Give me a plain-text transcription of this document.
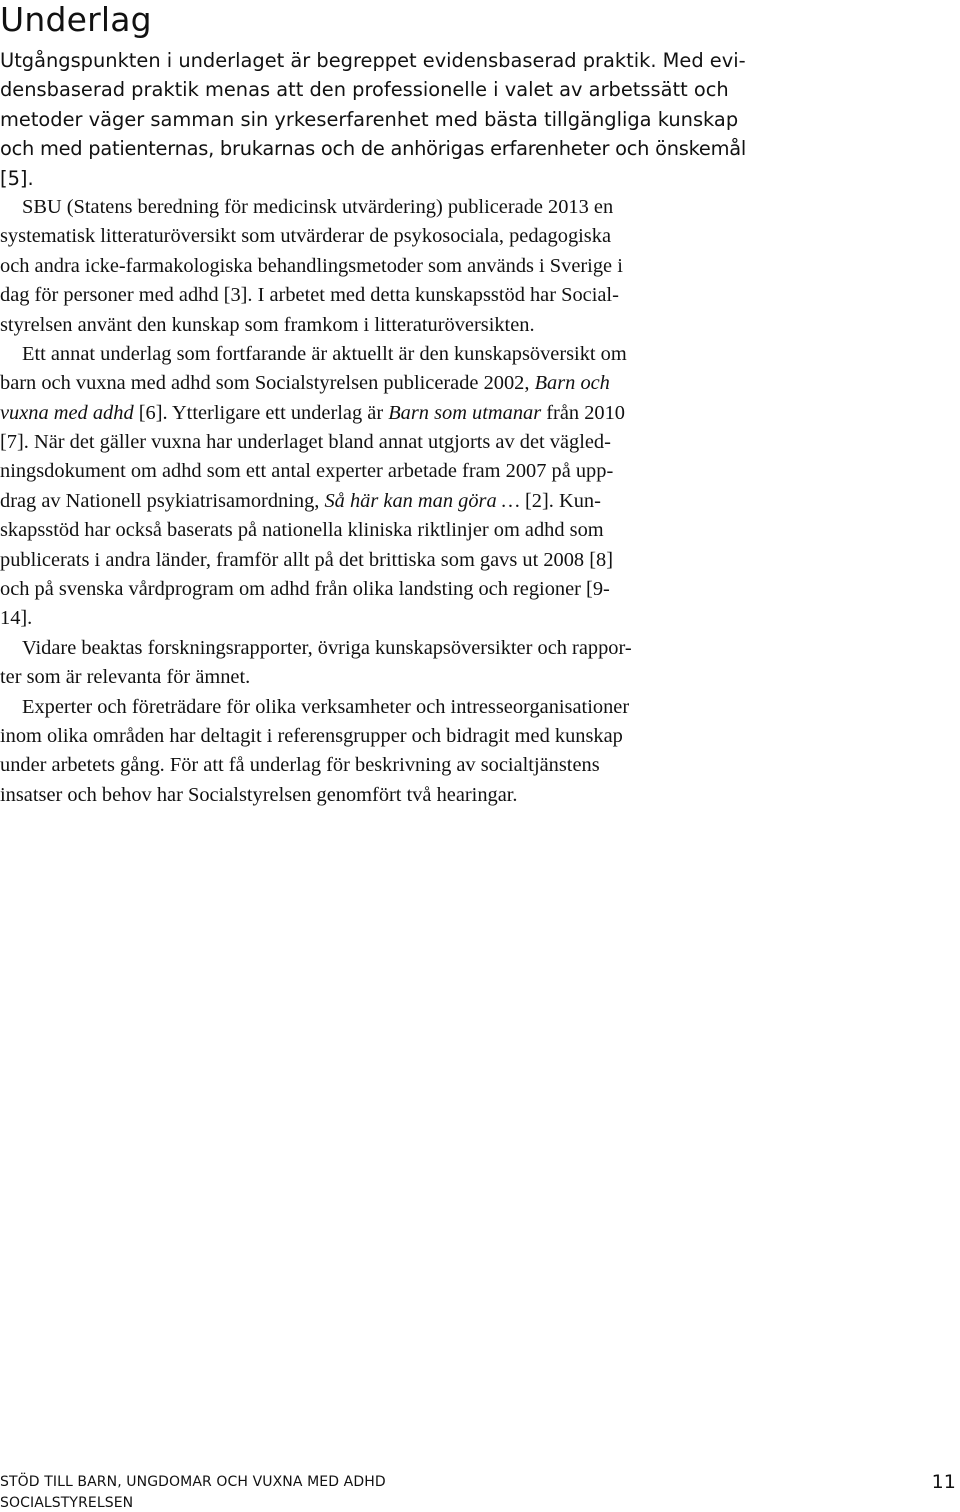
Underlag

Utgångspunkten i underlaget är begreppet evidensbaserad praktik. Med evi-
densbaserad praktik menas att den professionelle i valet av arbetssätt och
metoder väger samman sin yrkeserfarenhet med bästa tillgängliga kunskap
och med patienternas, brukarnas och de anhörigas erfarenheter och önskemål
[5].

SBU (Statens beredning för medicinsk utvärdering) publicerade 2013 en
systematisk litteraturöversikt som utvärderar de psykosociala, pedagogiska
och andra icke-farmakologiska behandlingsmetoder som används i Sverige i
dag för personer med adhd [3]. I arbetet med detta kunskapsstöd har Social-
styrelsen använt den kunskap som framkom i litteraturöversikten.

Ett annat underlag som fortfarande är aktuellt är den kunskapsöversikt om
barn och vuxna med adhd som Socialstyrelsen publicerade 2002, Barn och
vuxna med adhd [6]. Ytterligare ett underlag är Barn som utmanar från 2010
[7]. När det gäller vuxna har underlaget bland annat utgjorts av det vägled-
ningsdokument om adhd som ett antal experter arbetade fram 2007 på upp-
drag av Nationell psykiatrisamordning, Så här kan man göra … [2]. Kun-
skapsstöd har också baserats på nationella kliniska riktlinjer om adhd som
publicerats i andra länder, framför allt på det brittiska som gavs ut 2008 [8]
och på svenska vårdprogram om adhd från olika landsting och regioner [9-
14].

Vidare beaktas forskningsrapporter, övriga kunskapsöversikter och rappor-
ter som är relevanta för ämnet.

Experter och företrädare för olika verksamheter och intresseorganisationer
inom olika områden har deltagit i referensgrupper och bidragit med kunskap
under arbetets gång. För att få underlag för beskrivning av socialtjänstens
insatser och behov har Socialstyrelsen genomfört två hearingar.

STÖD TILL BARN, UNGDOMAR OCH VUXNA MED ADHD	11
SOCIALSTYRELSEN
